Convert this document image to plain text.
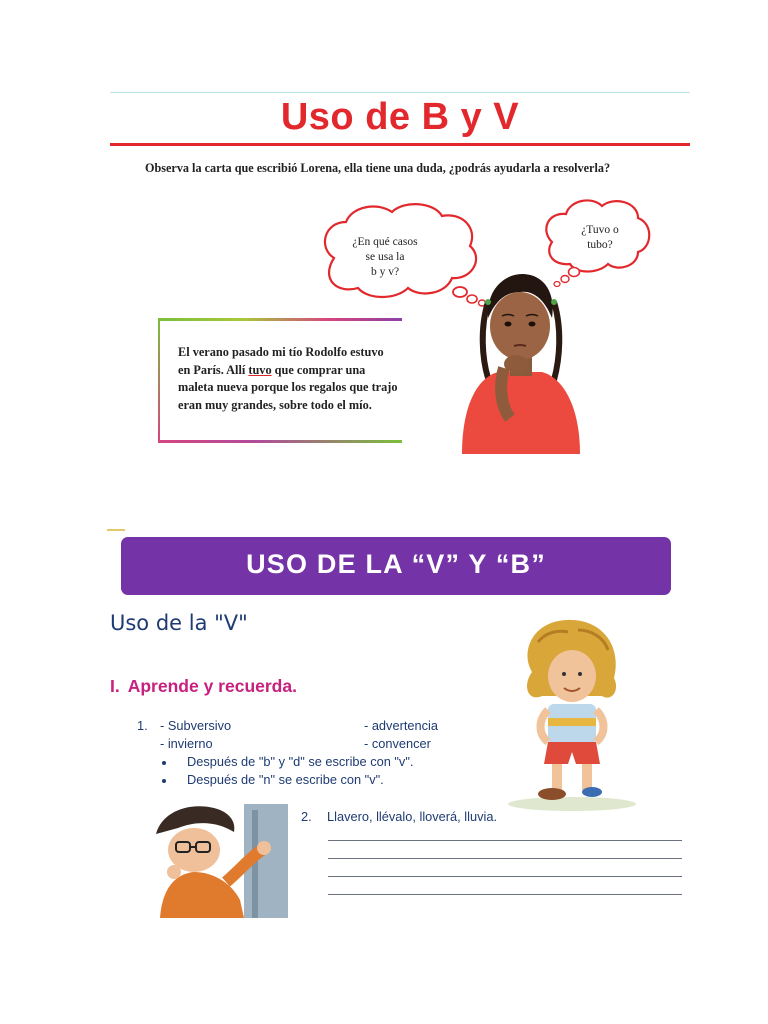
Uso de B y V
Observa la carta que escribió Lorena, ella tiene una duda, ¿podrás ayudarla a resolverla?
¿En qué casos
se usa la
b y v?
¿Tuvo o
tubo?
El verano pasado mi tío Rodolfo estuvo en París. Allí tuvo que comprar una maleta nueva porque los regalos que trajo eran muy grandes, sobre todo el mío.
USO DE LA “V” Y “B”
Uso de la "V"
I. Aprende y recuerda.
1. - Subversivo
- invierno
- advertencia
- convencer
Después de "b" y "d" se escribe con "v".
Después de "n" se escribe con "v".
2. Llavero, llévalo, lloverá, lluvia.
